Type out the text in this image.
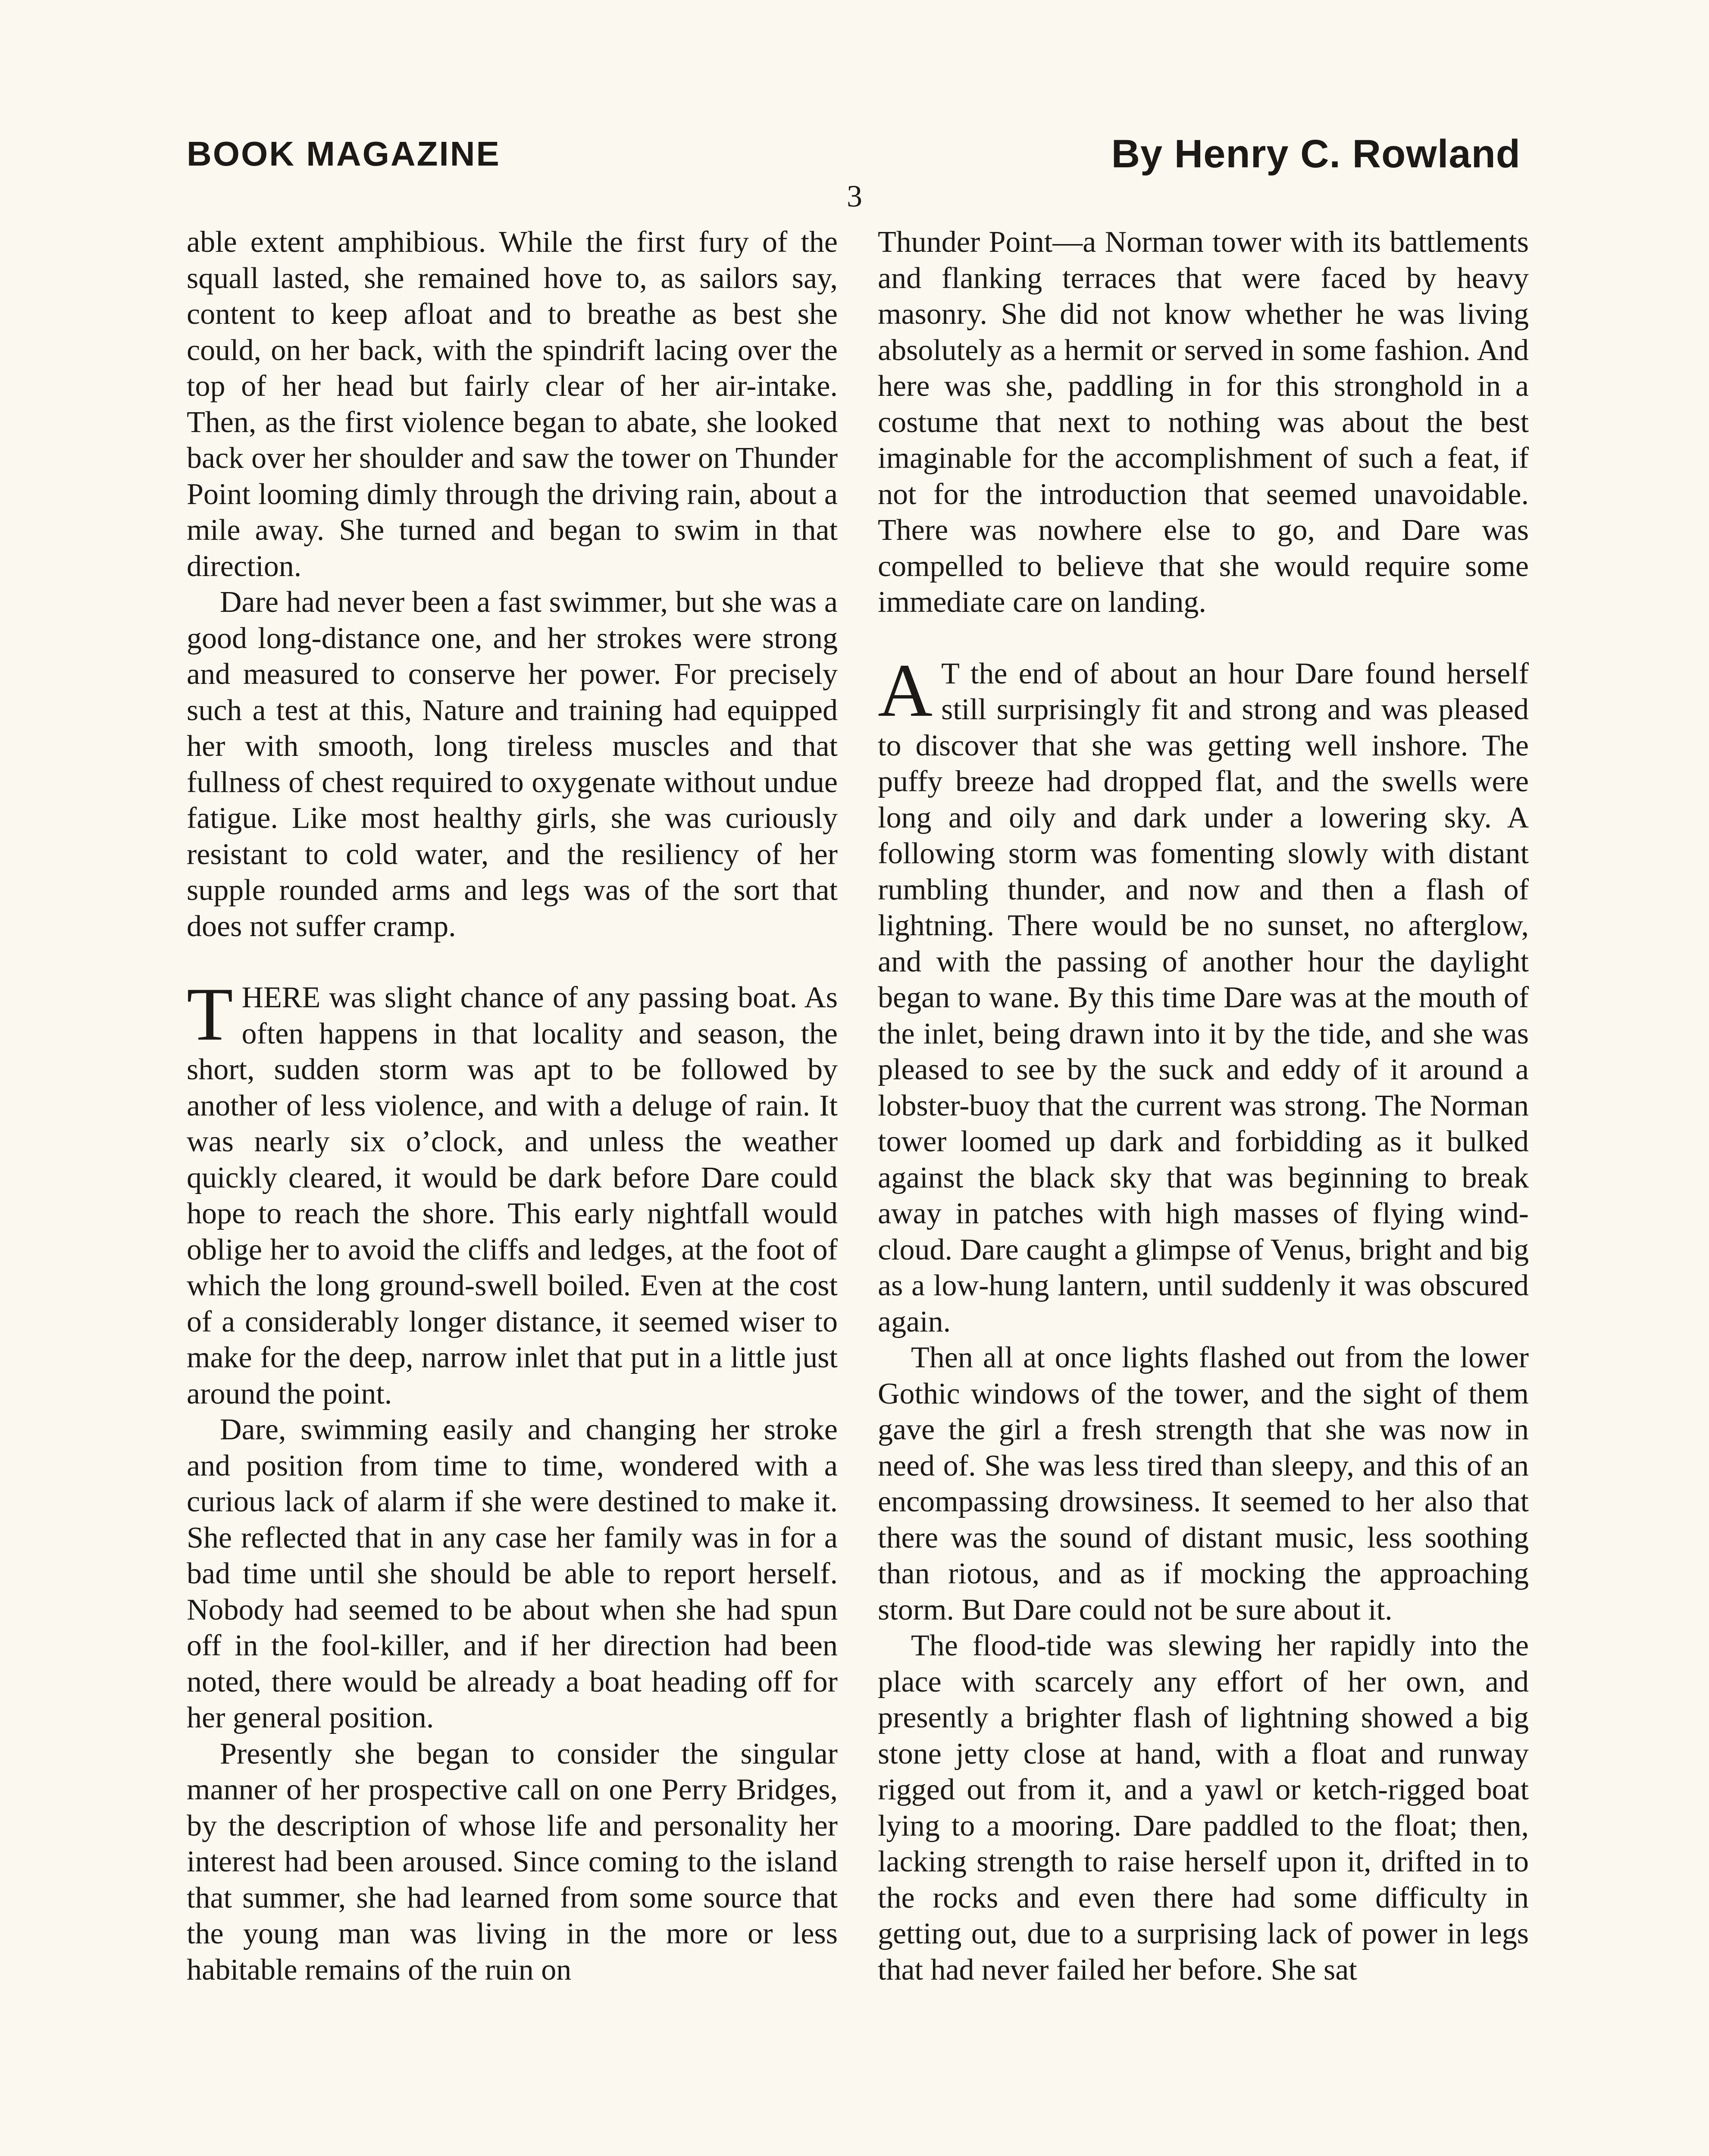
BOOK MAGAZINE	By Henry C. Rowland
3

able extent amphibious. While the first fury of the squall lasted, she remained hove to, as sailors say, content to keep afloat and to breathe as best she could, on her back, with the spindrift lacing over the top of her head but fairly clear of her air-intake. Then, as the first violence began to abate, she looked back over her shoulder and saw the tower on Thunder Point looming dimly through the driving rain, about a mile away. She turned and began to swim in that direction.

Dare had never been a fast swimmer, but she was a good long-distance one, and her strokes were strong and measured to conserve her power. For precisely such a test at this, Nature and training had equipped her with smooth, long tireless muscles and that fullness of chest required to oxygenate without undue fatigue. Like most healthy girls, she was curiously resistant to cold water, and the resiliency of her supple rounded arms and legs was of the sort that does not suffer cramp.

THERE was slight chance of any passing boat. As often happens in that locality and season, the short, sudden storm was apt to be followed by another of less violence, and with a deluge of rain. It was nearly six o’clock, and unless the weather quickly cleared, it would be dark before Dare could hope to reach the shore. This early nightfall would oblige her to avoid the cliffs and ledges, at the foot of which the long ground-swell boiled. Even at the cost of a considerably longer distance, it seemed wiser to make for the deep, narrow inlet that put in a little just around the point.

Dare, swimming easily and changing her stroke and position from time to time, wondered with a curious lack of alarm if she were destined to make it. She reflected that in any case her family was in for a bad time until she should be able to report herself. Nobody had seemed to be about when she had spun off in the fool-killer, and if her direction had been noted, there would be already a boat heading off for her general position.

Presently she began to consider the singular manner of her prospective call on one Perry Bridges, by the description of whose life and personality her interest had been aroused. Since coming to the island that summer, she had learned from some source that the young man was living in the more or less habitable remains of the ruin on

Thunder Point—a Norman tower with its battlements and flanking terraces that were faced by heavy masonry. She did not know whether he was living absolutely as a hermit or served in some fashion. And here was she, paddling in for this stronghold in a costume that next to nothing was about the best imaginable for the accomplishment of such a feat, if not for the introduction that seemed unavoidable. There was nowhere else to go, and Dare was compelled to believe that she would require some immediate care on landing.

A T the end of about an hour Dare found herself still surprisingly fit and strong and was pleased to discover that she was getting well inshore. The puffy breeze had dropped flat, and the swells were long and oily and dark under a lowering sky. A following storm was fomenting slowly with distant rumbling thunder, and now and then a flash of lightning. There would be no sunset, no afterglow, and with the passing of another hour the daylight began to wane. By this time Dare was at the mouth of the inlet, being drawn into it by the tide, and she was pleased to see by the suck and eddy of it around a lobster-buoy that the current was strong. The Norman tower loomed up dark and forbidding as it bulked against the black sky that was beginning to break away in patches with high masses of flying wind-cloud. Dare caught a glimpse of Venus, bright and big as a low-hung lantern, until suddenly it was obscured again.

Then all at once lights flashed out from the lower Gothic windows of the tower, and the sight of them gave the girl a fresh strength that she was now in need of. She was less tired than sleepy, and this of an encompassing drowsiness. It seemed to her also that there was the sound of distant music, less soothing than riotous, and as if mocking the approaching storm. But Dare could not be sure about it.

The flood-tide was slewing her rapidly into the place with scarcely any effort of her own, and presently a brighter flash of lightning showed a big stone jetty close at hand, with a float and runway rigged out from it, and a yawl or ketch-rigged boat lying to a mooring. Dare paddled to the float; then, lacking strength to raise herself upon it, drifted in to the rocks and even there had some difficulty in getting out, due to a surprising lack of power in legs that had never failed her before. She sat
